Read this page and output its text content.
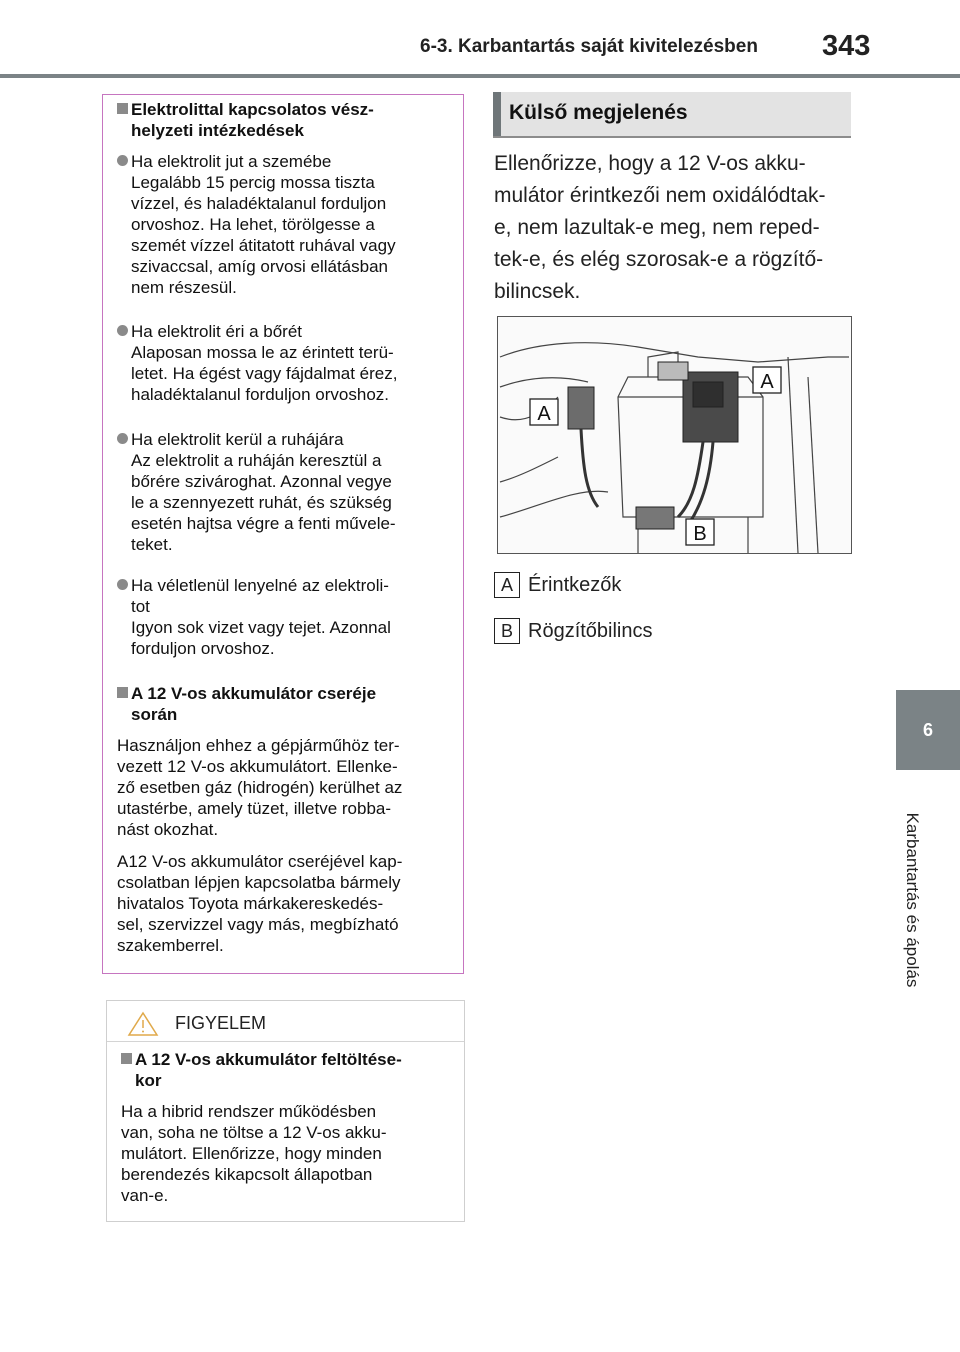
6-3. Karbantartás saját kivitelezésben 343
6
Karbantartás és ápolás
Elektrolittal kapcsolatos vész-
helyzeti intézkedések
Ha elektrolit jut a szemébe
Legalább 15 percig mossa tiszta
vízzel, és haladéktalanul forduljon
orvoshoz. Ha lehet, törölgesse a
szemét vízzel átitatott ruhával vagy
szivaccsal, amíg orvosi ellátásban
nem részesül.
Ha elektrolit éri a bőrét
Alaposan mossa le az érintett terü-
letet. Ha égést vagy fájdalmat érez,
haladéktalanul forduljon orvoshoz.
Ha elektrolit kerül a ruhájára
Az elektrolit a ruháján keresztül a
bőrére szivároghat. Azonnal vegye
le a szennyezett ruhát, és szükség
esetén hajtsa végre a fenti művele-
teket.
Ha véletlenül lenyelné az elektroli-
tot
Igyon sok vizet vagy tejet. Azonnal
forduljon orvoshoz.
A 12 V-os akkumulátor cseréje
során
Használjon ehhez a gépjárműhöz ter-
vezett 12 V-os akkumulátort. Ellenke-
ző esetben gáz (hidrogén) kerülhet az
utastérbe, amely tüzet, illetve robba-
nást okozhat.
A12 V-os akkumulátor cseréjével kap-
csolatban lépjen kapcsolatba bármely
hivatalos Toyota márkakereskedés-
sel, szervizzel vagy más, megbízható
szakemberrel.
FIGYELEM
A 12 V-os akkumulátor feltöltése-
kor
Ha a hibrid rendszer működésben
van, soha ne töltse a 12 V-os akku-
mulátort. Ellenőrizze, hogy minden
berendezés kikapcsolt állapotban
van-e.
Külső megjelenés
Ellenőrizze, hogy a 12 V-os akku-
mulátor érintkezői nem oxidálódtak-
e, nem lazultak-e meg, nem reped-
tek-e, és elég szorosak-e a rögzítő-
bilincsek.
A
A
B
A Érintkezők
B Rögzítőbilincs
